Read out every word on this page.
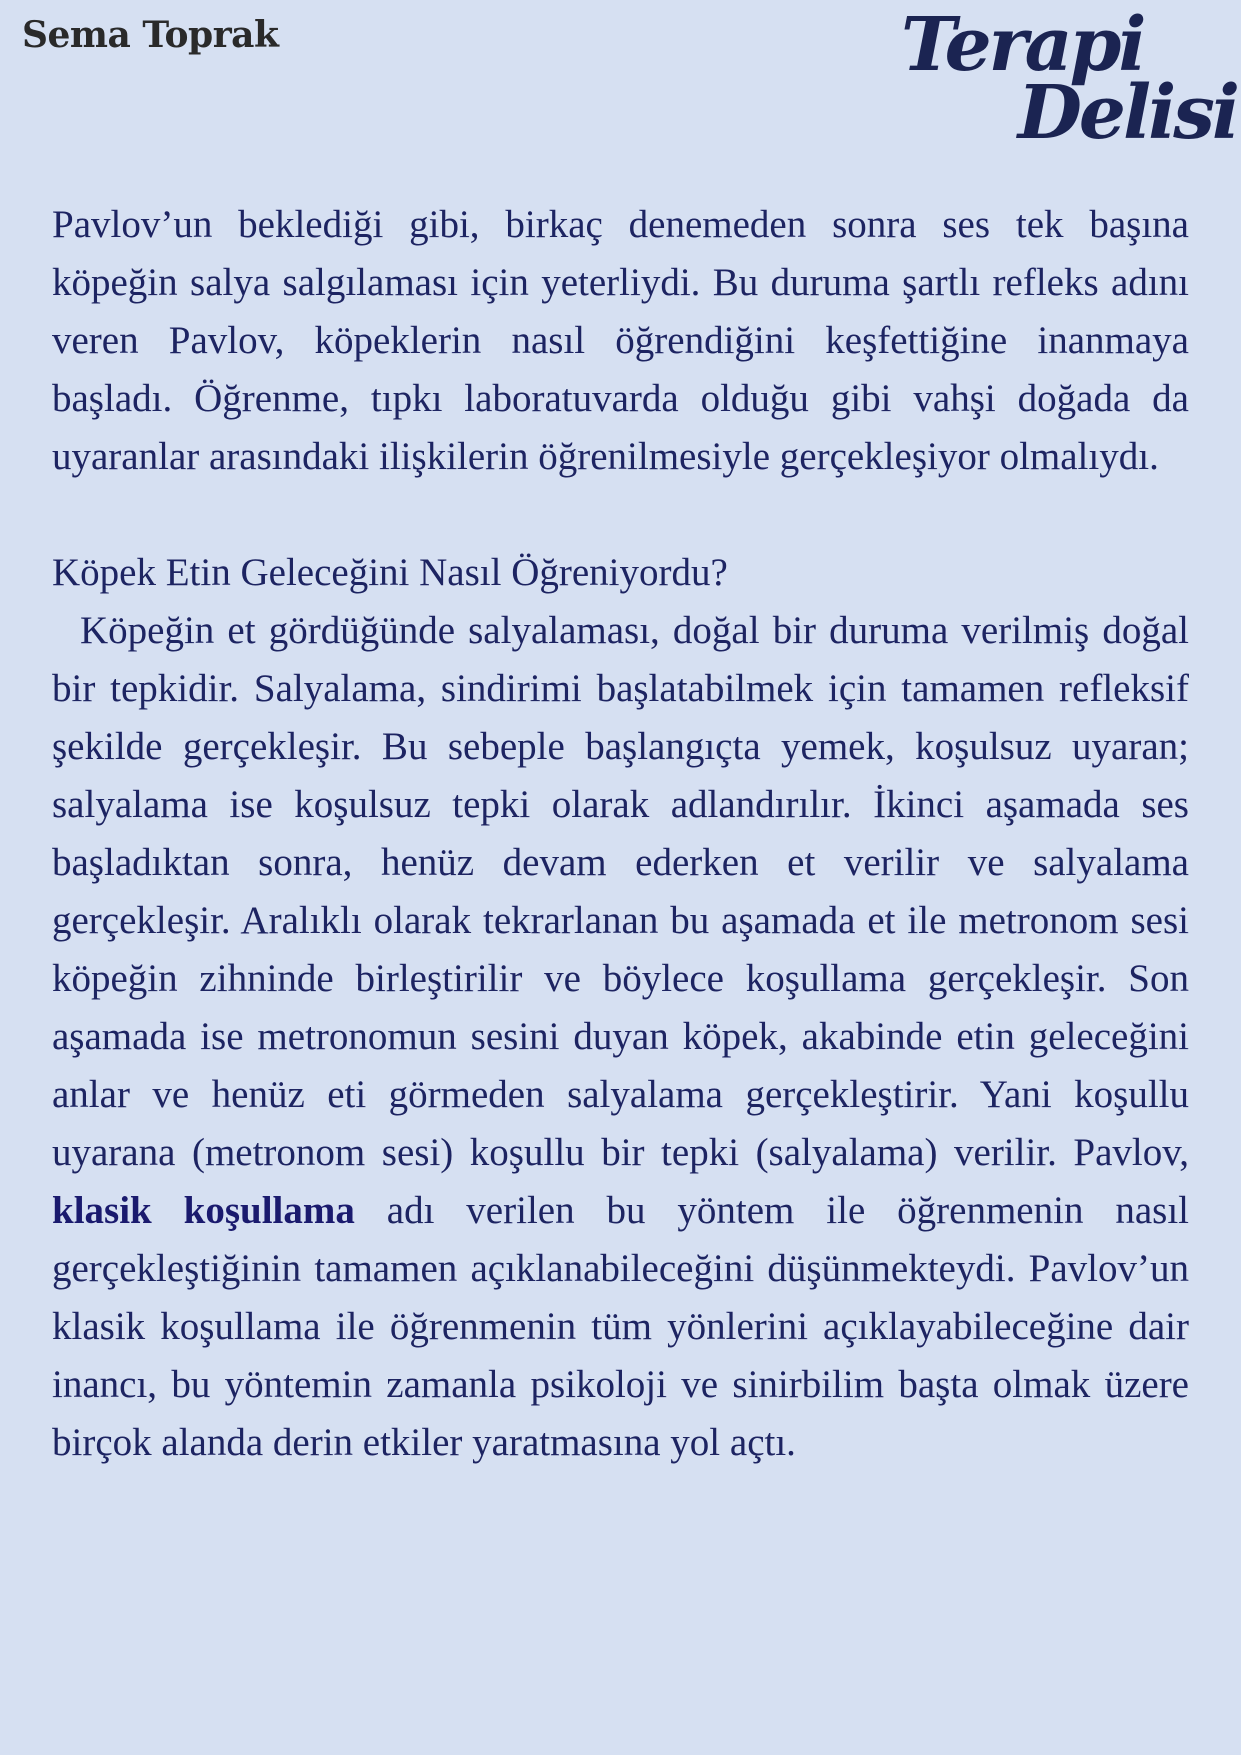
Sema Toprak	Terapi
Delisi

Pavlov’un beklediği gibi, birkaç denemeden sonra ses tek başına köpeğin salya salgılaması için yeterliydi. Bu duruma şartlı refleks adını veren Pavlov, köpeklerin nasıl öğrendiğini keşfettiğine inanmaya başladı. Öğrenme, tıpkı laboratuvarda olduğu gibi vahşi doğada da uyaranlar arasındaki ilişkilerin öğrenilmesiyle gerçekleşiyor olmalıydı.

Köpek Etin Geleceğini Nasıl Öğreniyordu?

Köpeğin et gördüğünde salyalaması, doğal bir duruma verilmiş doğal bir tepkidir. Salyalama, sindirimi başlatabilmek için tamamen refleksif şekilde gerçekleşir. Bu sebeple başlangıçta yemek, koşulsuz uyaran; salyalama ise koşulsuz tepki olarak adlandırılır. İkinci aşamada ses başladıktan sonra, henüz devam ederken et verilir ve salyalama gerçekleşir. Aralıklı olarak tekrarlanan bu aşamada et ile metronom sesi köpeğin zihninde birleştirilir ve böylece koşullama gerçekleşir. Son aşamada ise metronomun sesini duyan köpek, akabinde etin geleceğini anlar ve henüz eti görmeden salyalama gerçekleştirir. Yani koşullu uyarana (metronom sesi) koşullu bir tepki (salyalama) verilir. Pavlov, klasik koşullama adı verilen bu yöntem ile öğrenmenin nasıl gerçekleştiğinin tamamen açıklanabileceğini düşünmekteydi. Pavlov’un klasik koşullama ile öğrenmenin tüm yönlerini açıklayabileceğine dair inancı, bu yöntemin zamanla psikoloji ve sinirbilim başta olmak üzere birçok alanda derin etkiler yaratmasına yol açtı.
